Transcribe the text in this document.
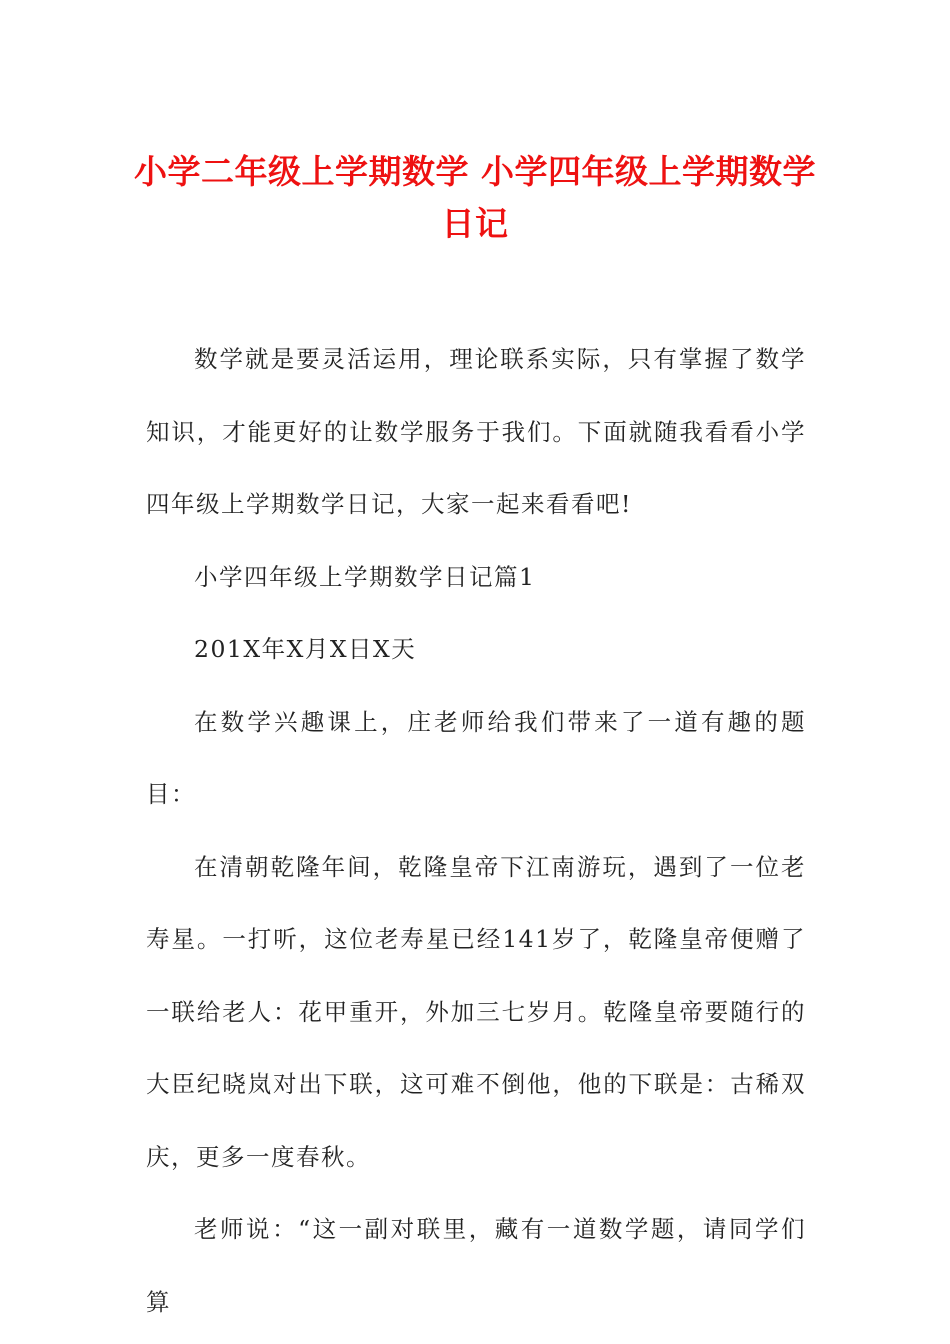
小学二年级上学期数学 小学四年级上学期数学日记

数学就是要灵活运用，理论联系实际，只有掌握了数学知识，才能更好的让数学服务于我们。下面就随我看看小学四年级上学期数学日记，大家一起来看看吧!

小学四年级上学期数学日记篇1

201X年X月X日X天

在数学兴趣课上，庄老师给我们带来了一道有趣的题目：

在清朝乾隆年间，乾隆皇帝下江南游玩，遇到了一位老寿星。一打听，这位老寿星已经141岁了，乾隆皇帝便赠了一联给老人：花甲重开，外加三七岁月。乾隆皇帝要随行的大臣纪晓岚对出下联，这可难不倒他，他的下联是：古稀双庆，更多一度春秋。

老师说：“这一副对联里，藏有一道数学题，请同学们算
